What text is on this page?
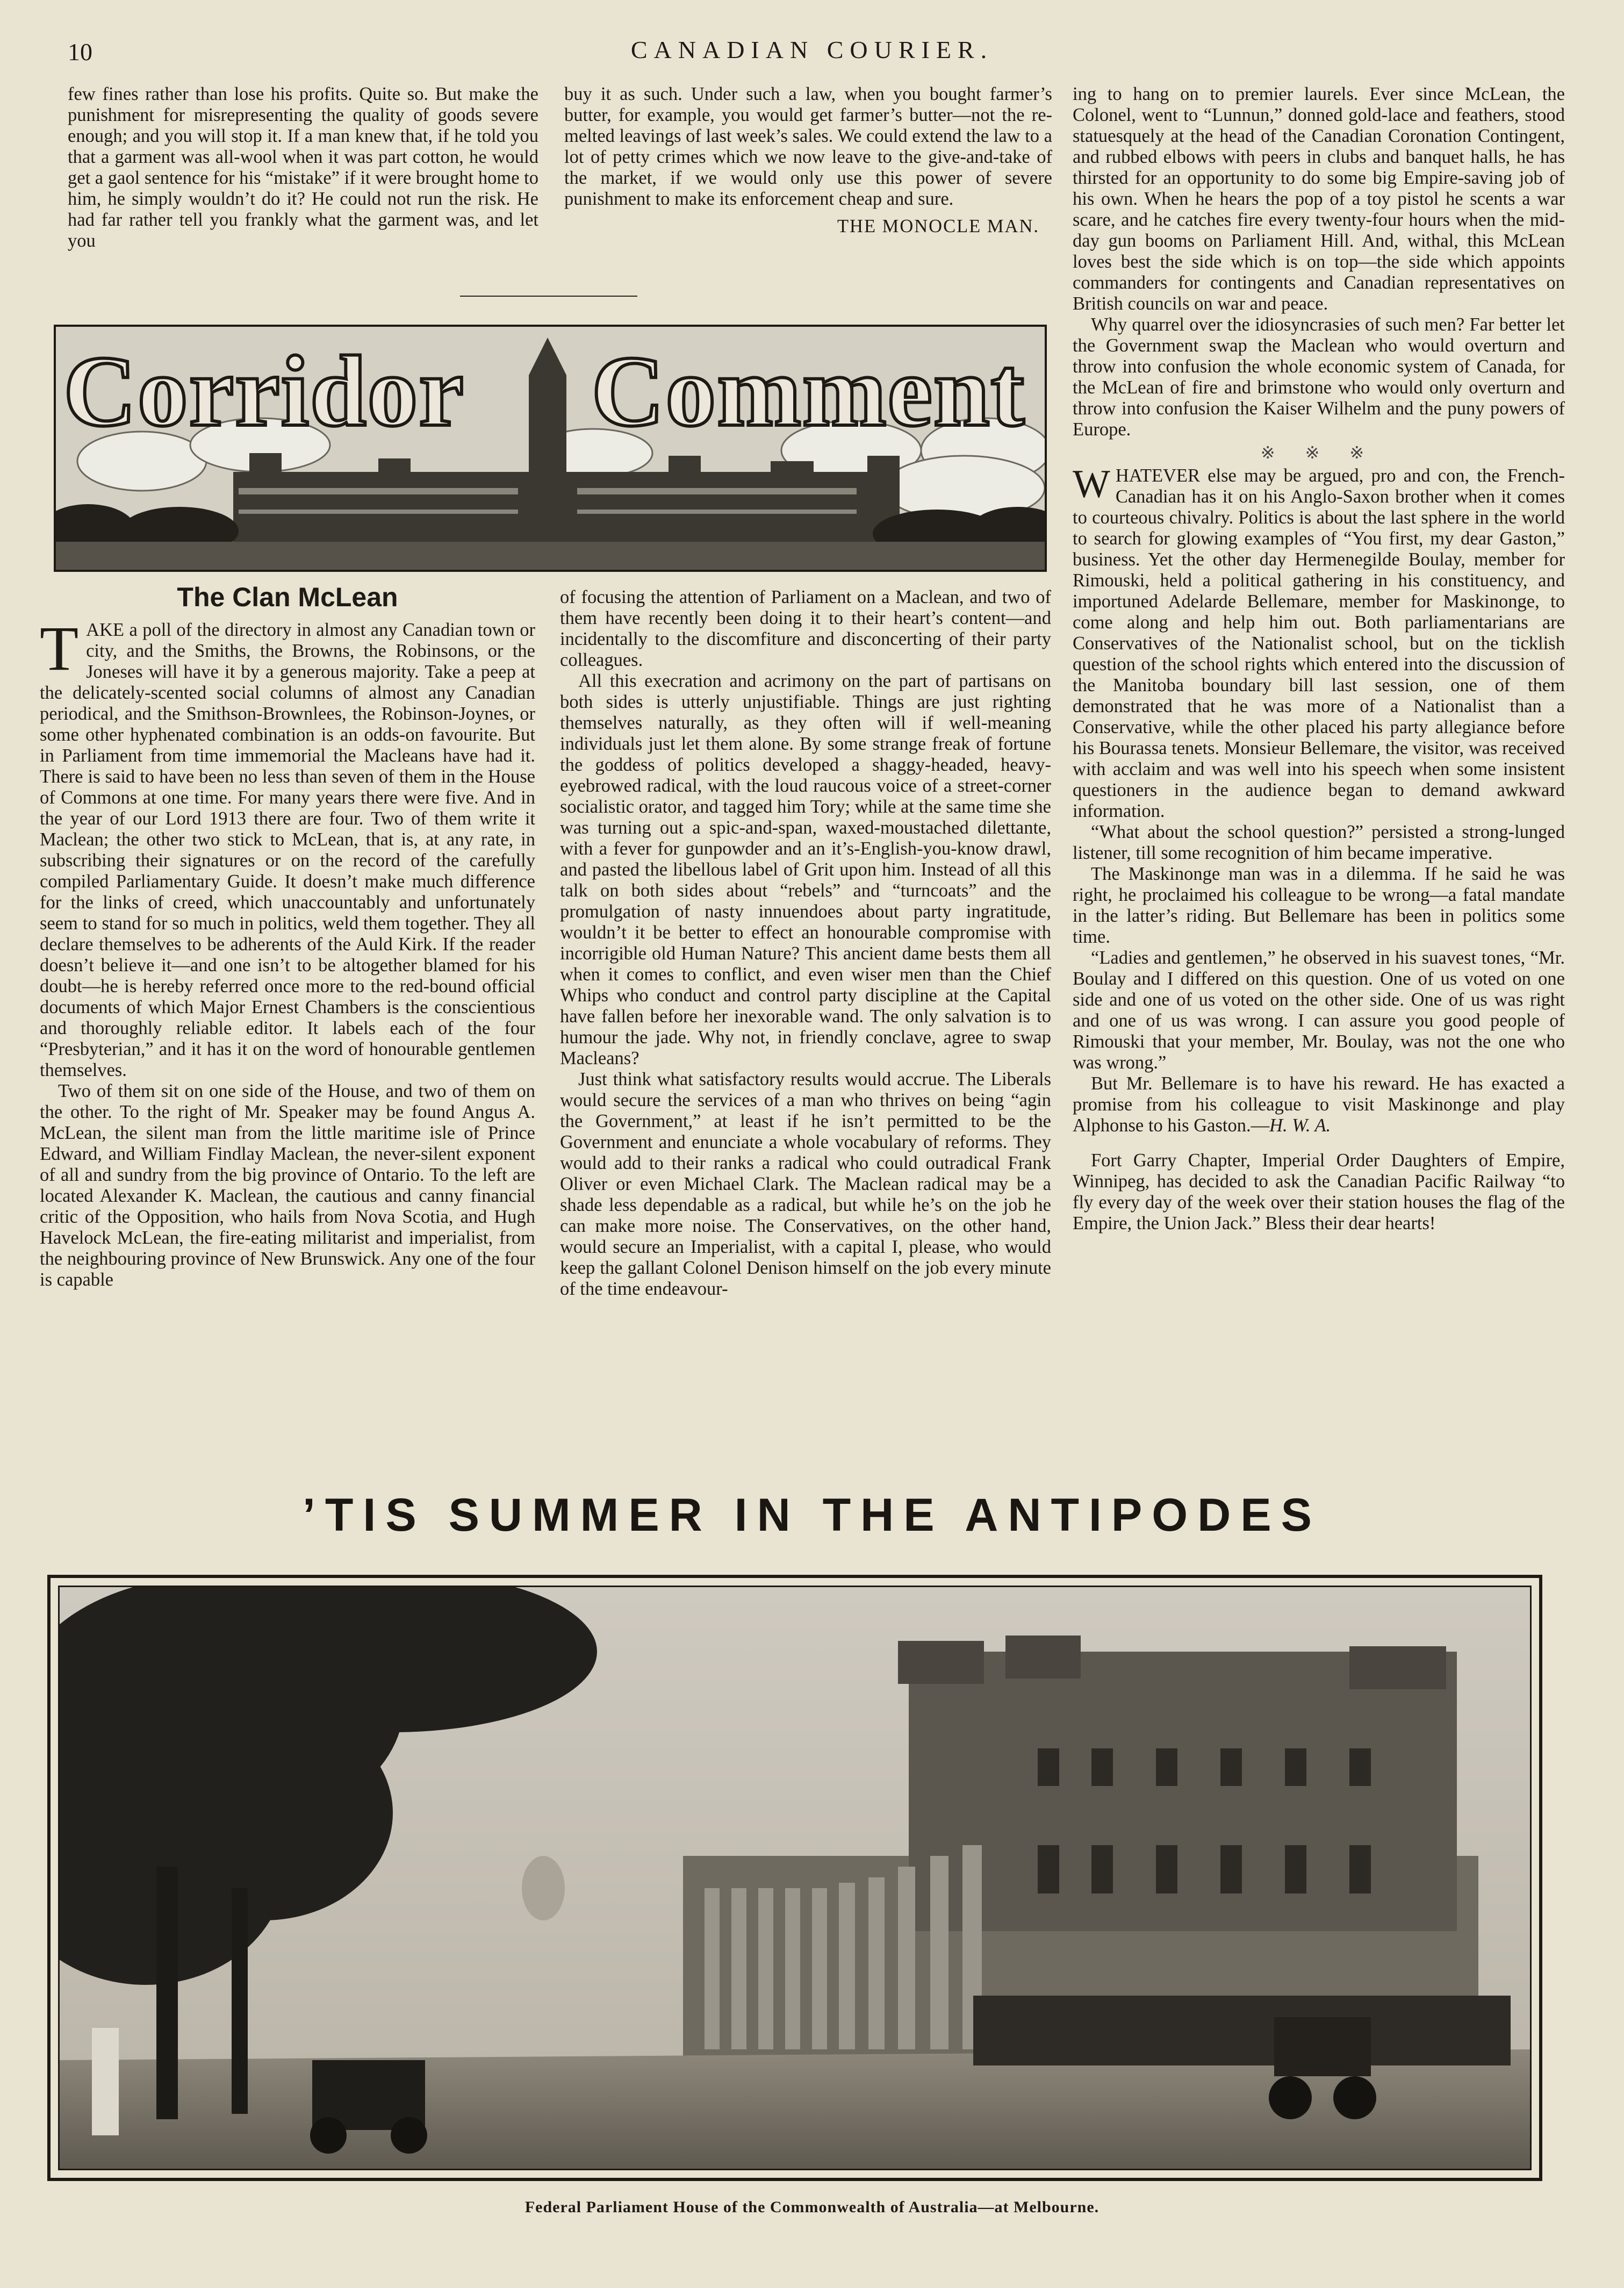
10	CANADIAN COURIER.

few fines rather than lose his profits. Quite so. But make the punishment for misrepresenting the quality of goods severe enough; and you will stop it. If a man knew that, if he told you that a garment was all-wool when it was part cotton, he would get a gaol sentence for his “mistake” if it were brought home to him, he simply wouldn’t do it? He could not run the risk. He had far rather tell you frankly what the garment was, and let you

buy it as such. Under such a law, when you bought farmer’s butter, for example, you would get farmer’s butter—not the re-melted leavings of last week’s sales. We could extend the law to a lot of petty crimes which we now leave to the give-and-take of the market, if we would only use this power of severe punishment to make its enforcement cheap and sure.

THE MONOCLE MAN.
Corridor Comment
The Clan McLean
T AKE a poll of the directory in almost any Canadian town or city, and the Smiths, the Browns, the Robinsons, or the Joneses will have it by a generous majority. Take a peep at the delicately-scented social columns of almost any Canadian periodical, and the Smithson-Brownlees, the Robinson-Joynes, or some other hyphenated combination is an odds-on favourite. But in Parliament from time immemorial the Macleans have had it. There is said to have been no less than seven of them in the House of Commons at one time. For many years there were five. And in the year of our Lord 1913 there are four. Two of them write it Maclean; the other two stick to McLean, that is, at any rate, in subscribing their signatures or on the record of the carefully compiled Parliamentary Guide. It doesn’t make much difference for the links of creed, which unaccountably and unfortunately seem to stand for so much in politics, weld them together. They all declare themselves to be adherents of the Auld Kirk. If the reader doesn’t believe it—and one isn’t to be altogether blamed for his doubt—he is hereby referred once more to the red-bound official documents of which Major Ernest Chambers is the conscientious and thoroughly reliable editor. It labels each of the four “Presbyterian,” and it has it on the word of honourable gentlemen themselves.

Two of them sit on one side of the House, and two of them on the other. To the right of Mr. Speaker may be found Angus A. McLean, the silent man from the little maritime isle of Prince Edward, and William Findlay Maclean, the never-silent exponent of all and sundry from the big province of Ontario. To the left are located Alexander K. Maclean, the cautious and canny financial critic of the Opposition, who hails from Nova Scotia, and Hugh Havelock McLean, the fire-eating militarist and imperialist, from the neighbouring province of New Brunswick. Any one of the four is capable

of focusing the attention of Parliament on a Maclean, and two of them have recently been doing it to their heart’s content—and incidentally to the discomfiture and disconcerting of their party colleagues.

All this execration and acrimony on the part of partisans on both sides is utterly unjustifiable. Things are just righting themselves naturally, as they often will if well-meaning individuals just let them alone. By some strange freak of fortune the goddess of politics developed a shaggy-headed, heavy-eyebrowed radical, with the loud raucous voice of a street-corner socialistic orator, and tagged him Tory; while at the same time she was turning out a spic-and-span, waxed-moustached dilettante, with a fever for gunpowder and an it’s-English-you-know drawl, and pasted the libellous label of Grit upon him. Instead of all this talk on both sides about “rebels” and “turncoats” and the promulgation of nasty innuendoes about party ingratitude, wouldn’t it be better to effect an honourable compromise with incorrigible old Human Nature? This ancient dame bests them all when it comes to conflict, and even wiser men than the Chief Whips who conduct and control party discipline at the Capital have fallen before her inexorable wand. The only salvation is to humour the jade. Why not, in friendly conclave, agree to swap Macleans?

Just think what satisfactory results would accrue. The Liberals would secure the services of a man who thrives on being “agin the Government,” at least if he isn’t permitted to be the Government and enunciate a whole vocabulary of reforms. They would add to their ranks a radical who could outradical Frank Oliver or even Michael Clark. The Maclean radical may be a shade less dependable as a radical, but while he’s on the job he can make more noise. The Conservatives, on the other hand, would secure an Imperialist, with a capital I, please, who would keep the gallant Colonel Denison himself on the job every minute of the time endeavour-

ing to hang on to premier laurels. Ever since McLean, the Colonel, went to “Lunnun,” donned gold-lace and feathers, stood statuesquely at the head of the Canadian Coronation Contingent, and rubbed elbows with peers in clubs and banquet halls, he has thirsted for an opportunity to do some big Empire-saving job of his own. When he hears the pop of a toy pistol he scents a war scare, and he catches fire every twenty-four hours when the mid-day gun booms on Parliament Hill. And, withal, this McLean loves best the side which is on top—the side which appoints commanders for contingents and Canadian representatives on British councils on war and peace.

Why quarrel over the idiosyncrasies of such men? Far better let the Government swap the Maclean who would overturn and throw into confusion the whole economic system of Canada, for the McLean of fire and brimstone who would only overturn and throw into confusion the Kaiser Wilhelm and the puny powers of Europe.

※ ※ ※
W HATEVER else may be argued, pro and con, the French-Canadian has it on his Anglo-Saxon brother when it comes to courteous chivalry. Politics is about the last sphere in the world to search for glowing examples of “You first, my dear Gaston,” business. Yet the other day Hermenegilde Boulay, member for Rimouski, held a political gathering in his constituency, and importuned Adelarde Bellemare, member for Maskinonge, to come along and help him out. Both parliamentarians are Conservatives of the Nationalist school, but on the ticklish question of the school rights which entered into the discussion of the Manitoba boundary bill last session, one of them demonstrated that he was more of a Nationalist than a Conservative, while the other placed his party allegiance before his Bourassa tenets. Monsieur Bellemare, the visitor, was received with acclaim and was well into his speech when some insistent questioners in the audience began to demand awkward information.

“What about the school question?” persisted a strong-lunged listener, till some recognition of him became imperative.

The Maskinonge man was in a dilemma. If he said he was right, he proclaimed his colleague to be wrong—a fatal mandate in the latter’s riding. But Bellemare has been in politics some time.

“Ladies and gentlemen,” he observed in his suavest tones, “Mr. Boulay and I differed on this question. One of us voted on one side and one of us voted on the other side. One of us was right and one of us was wrong. I can assure you good people of Rimouski that your member, Mr. Boulay, was not the one who was wrong.”

But Mr. Bellemare is to have his reward. He has exacted a promise from his colleague to visit Maskinonge and play Alphonse to his Gaston.—H. W. A.

Fort Garry Chapter, Imperial Order Daughters of Empire, Winnipeg, has decided to ask the Canadian Pacific Railway “to fly every day of the week over their station houses the flag of the Empire, the Union Jack.” Bless their dear hearts!

’TIS SUMMER IN THE ANTIPODES
Federal Parliament House of the Commonwealth of Australia—at Melbourne.
